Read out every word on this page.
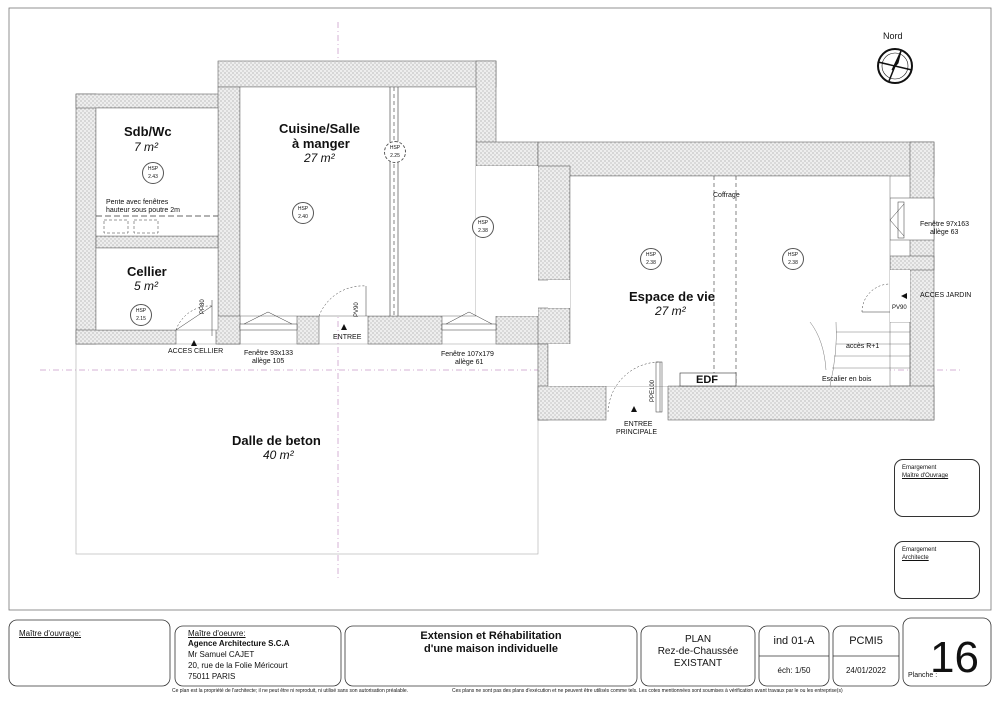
Nord
Sdb/Wc
7 m²
HSP
2.43
Cuisine/Salle
à manger
27 m²
HSP
2.40
HSP
2.25
HSP
2.38
Pente avec fenêtres
hauteur sous poutre 2m
Cellier
5 m²
HSP
2.15
PP80
ACCES CELLIER	Fenêtre 93x133
allège 105
PV90
ENTREE
Fenêtre 107x179
allège 61
Coffrage
HSP
2.38
HSP
2.38
Espace de vie
27 m²
Fenêtre 97x163
allège 63
ACCES JARDIN
PV90
accès R+1
Escalier en bois
EDF
PPE100
ENTREE
PRINCIPALE
Dalle de beton
40 m²
Emargement
Maître d'Ouvrage
Emargement
Architecte
Maître d'ouvrage:	Maître d'oeuvre:
Agence Architecture S.C.A
Mr Samuel CAJET
20, rue de la Folie Méricourt
75011 PARIS
Extension et Réhabilitation
d'une maison individuelle
PLAN
Rez-de-Chaussée
EXISTANT
ind 01-A
éch: 1/50
PCMI5
24/01/2022
Planche :
16
Ce plan est la propriété de l'architecte; il ne peut être ni reproduit, ni utilisé sans son autorisation préalable.	Ces plans ne sont pas des plans d'exécution et ne peuvent être utilisés comme tels. Les cotes mentionnées sont soumises à vérification avant travaux par le ou les entreprise(s)
